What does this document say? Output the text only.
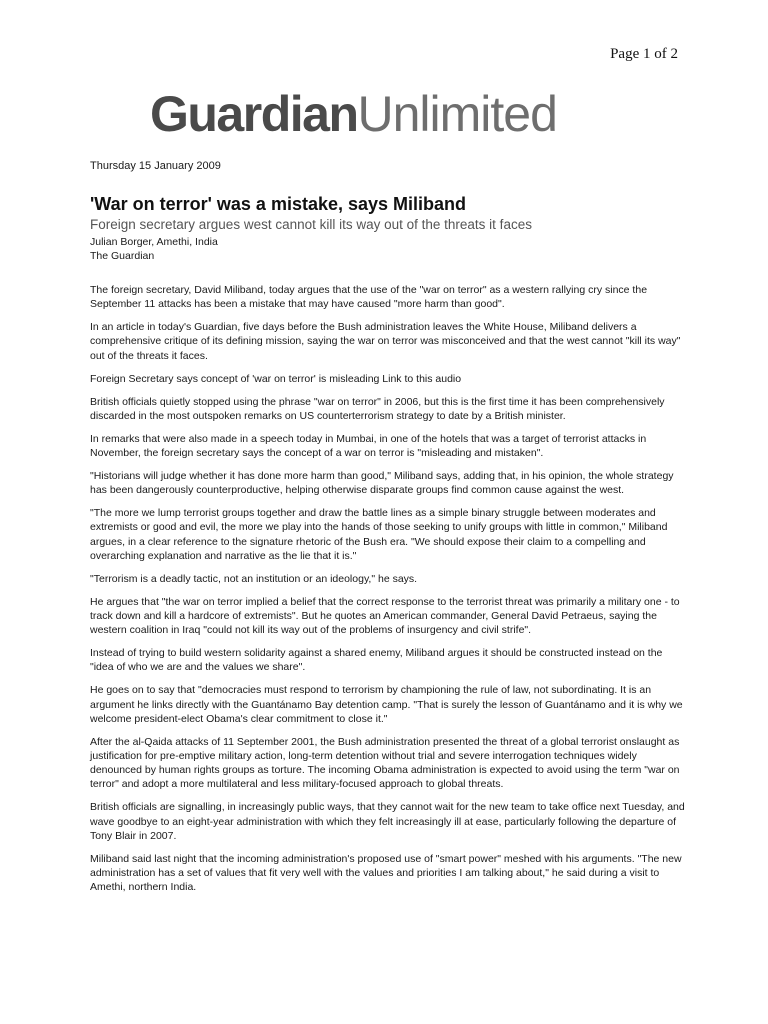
Page 1 of 2
GuardianUnlimited
Thursday 15 January 2009
'War on terror' was a mistake, says Miliband
Foreign secretary argues west cannot kill its way out of the threats it faces
Julian Borger, Amethi, India
The Guardian

The foreign secretary, David Miliband, today argues that the use of the "war on terror" as a western rallying cry since the September 11 attacks has been a mistake that may have caused "more harm than good".

In an article in today's Guardian, five days before the Bush administration leaves the White House, Miliband delivers a comprehensive critique of its defining mission, saying the war on terror was misconceived and that the west cannot "kill its way" out of the threats it faces.

Foreign Secretary says concept of 'war on terror' is misleading Link to this audio

British officials quietly stopped using the phrase "war on terror" in 2006, but this is the first time it has been comprehensively discarded in the most outspoken remarks on US counterterrorism strategy to date by a British minister.

In remarks that were also made in a speech today in Mumbai, in one of the hotels that was a target of terrorist attacks in November, the foreign secretary says the concept of a war on terror is "misleading and mistaken".

"Historians will judge whether it has done more harm than good," Miliband says, adding that, in his opinion, the whole strategy has been dangerously counterproductive, helping otherwise disparate groups find common cause against the west.

"The more we lump terrorist groups together and draw the battle lines as a simple binary struggle between moderates and extremists or good and evil, the more we play into the hands of those seeking to unify groups with little in common," Miliband argues, in a clear reference to the signature rhetoric of the Bush era. "We should expose their claim to a compelling and overarching explanation and narrative as the lie that it is."

"Terrorism is a deadly tactic, not an institution or an ideology," he says.

He argues that "the war on terror implied a belief that the correct response to the terrorist threat was primarily a military one - to track down and kill a hardcore of extremists". But he quotes an American commander, General David Petraeus, saying the western coalition in Iraq "could not kill its way out of the problems of insurgency and civil strife".

Instead of trying to build western solidarity against a shared enemy, Miliband argues it should be constructed instead on the "idea of who we are and the values we share".

He goes on to say that "democracies must respond to terrorism by championing the rule of law, not subordinating. It is an argument he links directly with the Guantánamo Bay detention camp. "That is surely the lesson of Guantánamo and it is why we welcome president-elect Obama's clear commitment to close it."

After the al-Qaida attacks of 11 September 2001, the Bush administration presented the threat of a global terrorist onslaught as justification for pre-emptive military action, long-term detention without trial and severe interrogation techniques widely denounced by human rights groups as torture. The incoming Obama administration is expected to avoid using the term "war on terror" and adopt a more multilateral and less military-focused approach to global threats.

British officials are signalling, in increasingly public ways, that they cannot wait for the new team to take office next Tuesday, and wave goodbye to an eight-year administration with which they felt increasingly ill at ease, particularly following the departure of Tony Blair in 2007.

Miliband said last night that the incoming administration's proposed use of "smart power" meshed with his arguments. "The new administration has a set of values that fit very well with the values and priorities I am talking about," he said during a visit to Amethi, northern India.
